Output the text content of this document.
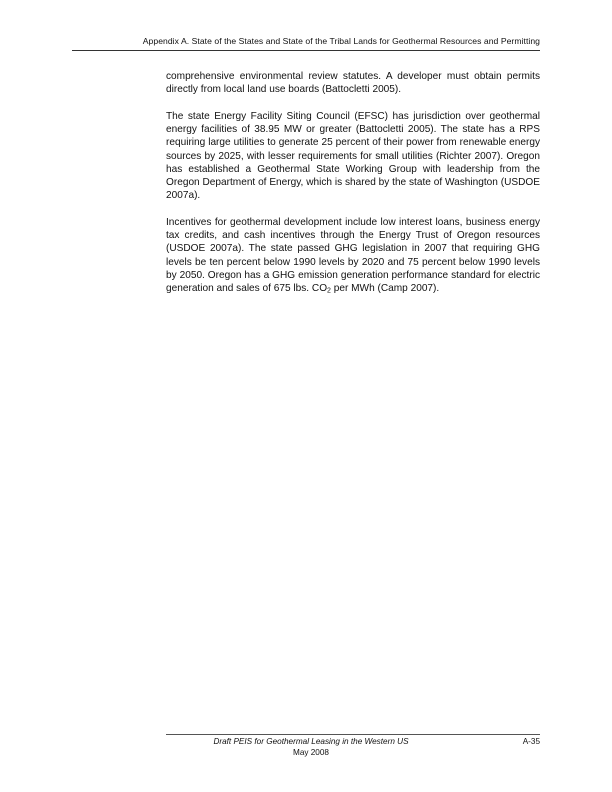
Appendix A. State of the States and State of the Tribal Lands for Geothermal Resources and Permitting

comprehensive environmental review statutes. A developer must obtain permits directly from local land use boards (Battocletti 2005).

The state Energy Facility Siting Council (EFSC) has jurisdiction over geothermal energy facilities of 38.95 MW or greater (Battocletti 2005). The state has a RPS requiring large utilities to generate 25 percent of their power from renewable energy sources by 2025, with lesser requirements for small utilities (Richter 2007). Oregon has established a Geothermal State Working Group with leadership from the Oregon Department of Energy, which is shared by the state of Washington (USDOE 2007a).

Incentives for geothermal development include low interest loans, business energy tax credits, and cash incentives through the Energy Trust of Oregon resources (USDOE 2007a). The state passed GHG legislation in 2007 that requiring GHG levels be ten percent below 1990 levels by 2020 and 75 percent below 1990 levels by 2050. Oregon has a GHG emission generation performance standard for electric generation and sales of 675 lbs. $CO_2$ per MWh (Camp 2007).

Draft PEIS for Geothermal Leasing in the Western US
May 2008
A-35
